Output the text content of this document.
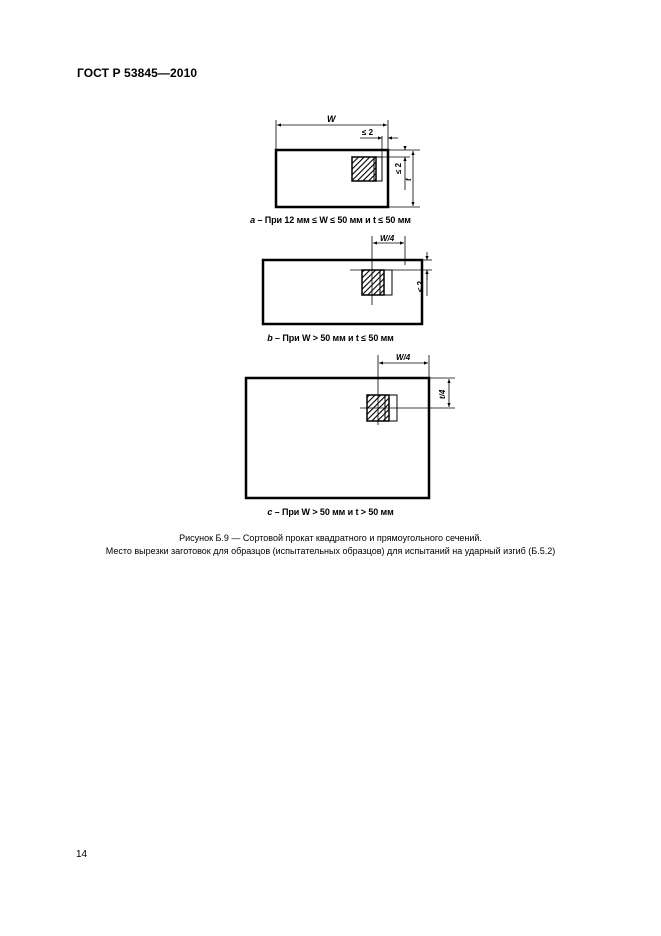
ГОСТ Р 53845—2010
W
≤ 2
≤ 2
t
W/4
≤ 2
W/4
t/4
a – При 12 мм ≤ W ≤ 50 мм и t ≤ 50 мм
b – При W > 50 мм и t ≤ 50 мм
c – При W > 50 мм и t > 50 мм
Рисунок Б.9 — Сортовой прокат квадратного и прямоугольного сечений.
Место вырезки заготовок для образцов (испытательных образцов) для испытаний на ударный изгиб (Б.5.2)
14
